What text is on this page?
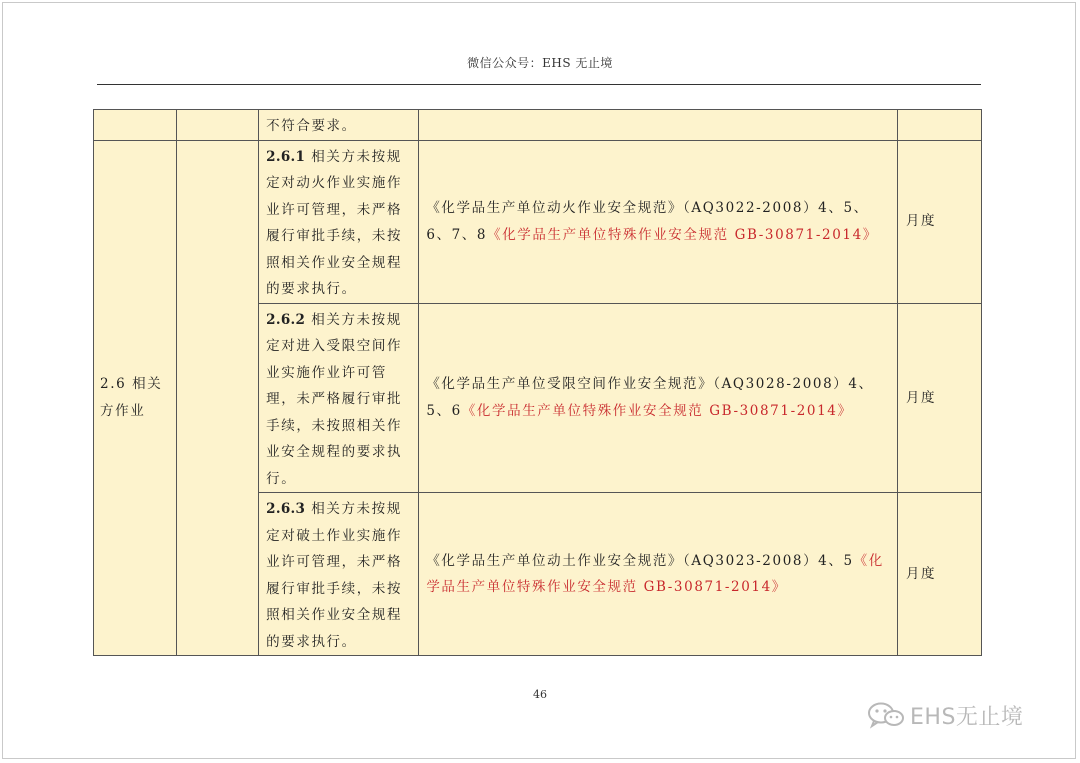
微信公众号：EHS 无止境
		不符合要求。		
2.6 相关方作业		2.6.1 相关方未按规定对动火作业实施作业许可管理，未严格履行审批手续，未按照相关作业安全规程的要求执行。	《化学品生产单位动火作业安全规范》（AQ3022-2008）4、5、6、7、8《化学品生产单位特殊作业安全规范 GB-30871-2014》	月度
		2.6.2 相关方未按规定对进入受限空间作业实施作业许可管理，未严格履行审批手续，未按照相关作业安全规程的要求执行。	《化学品生产单位受限空间作业安全规范》（AQ3028-2008）4、5、6《化学品生产单位特殊作业安全规范 GB-30871-2014》	月度
		2.6.3 相关方未按规定对破土作业实施作业许可管理，未严格履行审批手续，未按照相关作业安全规程的要求执行。	《化学品生产单位动土作业安全规范》（AQ3023-2008）4、5《化学品生产单位特殊作业安全规范 GB-30871-2014》	月度
46
EHS无止境
